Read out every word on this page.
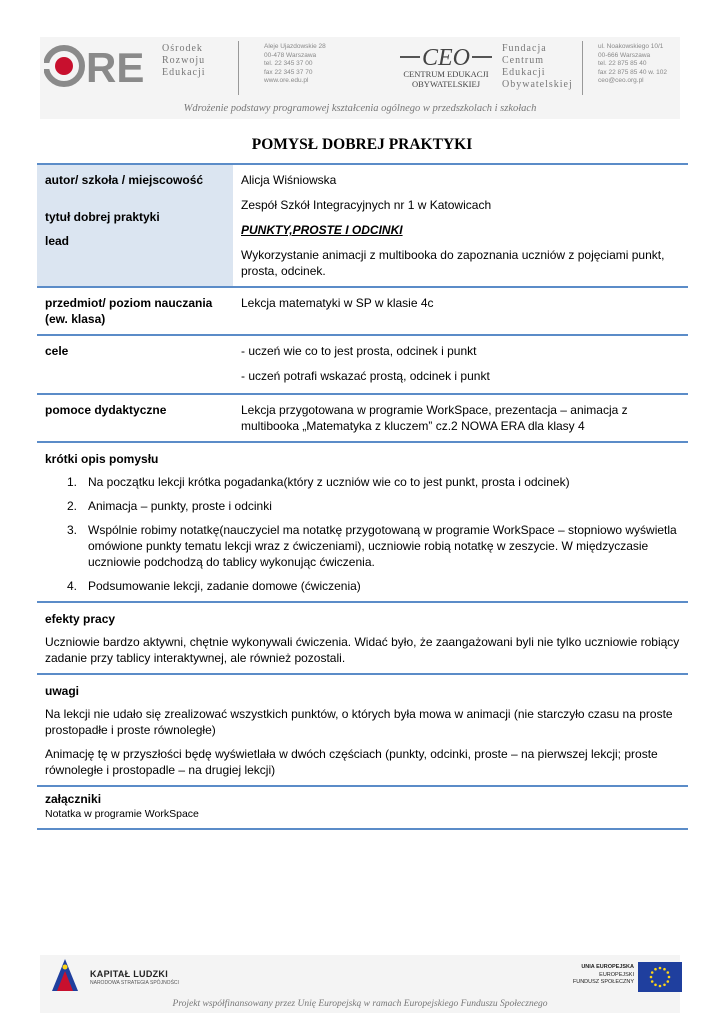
RE Ośrodek
Rozwoju
Edukacji
Aleje Ujazdowskie 28
00-478 Warszawa
tel. 22 345 37 00
fax 22 345 37 70
www.ore.edu.pl
CEO
CENTRUM EDUKACJI
OBYWATELSKIEJ
Fundacja
Centrum
Edukacji
Obywatelskiej
ul. Noakowskiego 10/1
00-666 Warszawa
tel. 22 875 85 40
fax 22 875 85 40 w. 102
ceo@ceo.org.pl
Wdrożenie podstawy programowej kształcenia ogólnego w przedszkolach i szkołach
POMYSŁ DOBREJ PRAKTYKI
autor/ szkoła / miejscowość
tytuł dobrej praktyki
lead

Alicja Wiśniowska

Zespół Szkół Integracyjnych nr 1 w Katowicach

PUNKTY,PROSTE I ODCINKI

Wykorzystanie animacji z multibooka do zapoznania uczniów z pojęciami punkt, prosta, odcinek.

przedmiot/ poziom nauczania (ew. klasa)
Lekcja matematyki w SP w klasie 4c
cele	- uczeń wie co to jest prosta, odcinek i punkt

- uczeń potrafi wskazać prostą, odcinek i punkt

pomoce dydaktyczne	Lekcja przygotowana w programie WorkSpace, prezentacja – animacja z multibooka „Matematyka z kluczem” cz.2 NOWA ERA dla klasy 4
krótki opis pomysłu
1. Na początku lekcji krótka pogadanka(który z uczniów wie co to jest punkt, prosta i odcinek)
2. Animacja – punkty, proste i odcinki
3. Wspólnie robimy notatkę(nauczyciel ma notatkę przygotowaną w programie WorkSpace – stopniowo wyświetla omówione punkty tematu lekcji wraz z ćwiczeniami), uczniowie robią notatkę w zeszycie. W międzyczasie uczniowie podchodzą do tablicy wykonując ćwiczenia.
4. Podsumowanie lekcji, zadanie domowe (ćwiczenia)
efekty pracy

Uczniowie bardzo aktywni, chętnie wykonywali ćwiczenia. Widać było, że zaangażowani byli nie tylko uczniowie robiący zadanie przy tablicy interaktywnej, ale również pozostali.

uwagi

Na lekcji nie udało się zrealizować wszystkich punktów, o których była mowa w animacji (nie starczyło czasu na proste prostopadłe i proste równoległe)

Animację tę w przyszłości będę wyświetlała w dwóch częściach (punkty, odcinki, proste – na pierwszej lekcji; proste równoległe i prostopadle – na drugiej lekcji)

załączniki
Notatka w programie WorkSpace
KAPITAŁ LUDZKI
NARODOWA STRATEGIA SPÓJNOŚCI
UNIA EUROPEJSKA
EUROPEJSKI
FUNDUSZ SPOŁECZNY
Projekt współfinansowany przez Unię Europejską w ramach Europejskiego Funduszu Społecznego
